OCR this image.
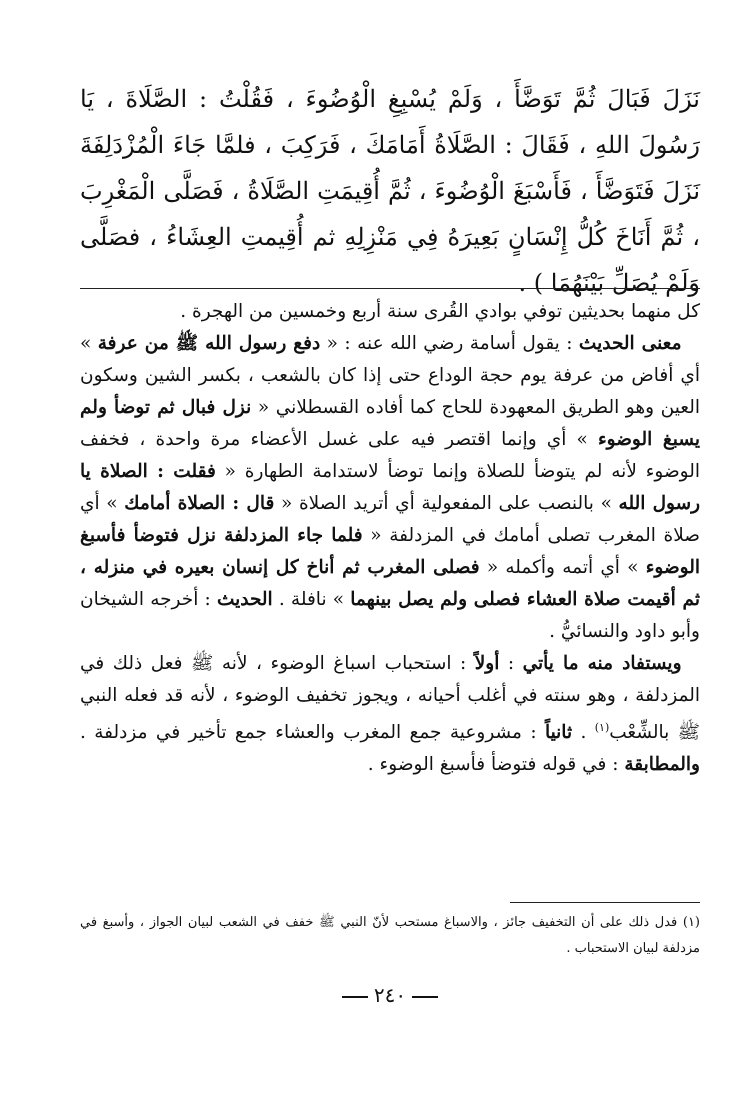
نَزَلَ فَبَالَ ثُمَّ تَوَضَّأَ ، وَلَمْ يُسْبِغِ الْوُضُوءَ ، فَقُلْتُ : الصَّلَاةَ ، يَا رَسُولَ اللهِ ، فَقَالَ : الصَّلَاةُ أَمَامَكَ ، فَرَكِبَ ، فلمَّا جَاءَ الْمُزْدَلِفَةَ نَزَلَ فَتَوَضَّأَ ، فَأَسْبَغَ الْوُضُوءَ ، ثُمَّ أُقِيمَتِ الصَّلَاةُ ، فَصَلَّى الْمَغْرِبَ ، ثُمَّ أَنَاخَ كُلُّ إِنْسَانٍ بَعِيرَهُ فِي مَنْزِلِهِ ثم أُقِيمتِ العِشَاءُ ، فصَلَّى وَلَمْ يُصَلِّ بَيْنَهُمَا ) .

كل منهما بحديثين توفي بوادي القُرى سنة أربع وخمسين من الهجرة .
 معنى الحديث : يقول أسامة رضي الله عنه : « دفع رسول الله ﷺ من عرفة » أي أفاض من عرفة يوم حجة الوداع حتى إذا كان بالشعب ، بكسر الشين وسكون العين وهو الطريق المعهودة للحاج كما أفاده القسطلاني « نزل فبال ثم توضأ ولم يسبغ الوضوء » أي وإنما اقتصر فيه على غسل الأعضاء مرة واحدة ، فخفف الوضوء لأنه لم يتوضأ للصلاة وإنما توضأ لاستدامة الطهارة « فقلت : الصلاة يا رسول الله » بالنصب على المفعولية أي أتريد الصلاة « قال : الصلاة أمامك » أي صلاة المغرب تصلى أمامك في المزدلفة « فلما جاء المزدلفة نزل فتوضأ فأسبغ الوضوء » أي أتمه وأكمله « فصلى المغرب ثم أناخ كل إنسان بعيره في منزله ، ثم أقيمت صلاة العشاء فصلى ولم يصل بينهما » نافلة . الحديث : أخرجه الشيخان وأبو داود والنسائيُّ .
 ويستفاد منه ما يأتي : أولاً : استحباب اسباغ الوضوء ، لأنه ﷺ فعل ذلك في المزدلفة ، وهو سنته في أغلب أحيانه ، ويجوز تخفيف الوضوء ، لأنه قد فعله النبي ﷺ بالشِّعْب$^{(١)}$ . ثانياً : مشروعية جمع المغرب والعشاء جمع تأخير في مزدلفة . والمطابقة : في قوله فتوضأ فأسبغ الوضوء .

(١) فدل ذلك على أن التخفيف جائز ، والاسباغ مستحب لأنّ النبي ﷺ خفف في الشعب لبيان الجواز ، وأسبغ في مزدلفة لبيان الاستحباب .

٢٤٠
